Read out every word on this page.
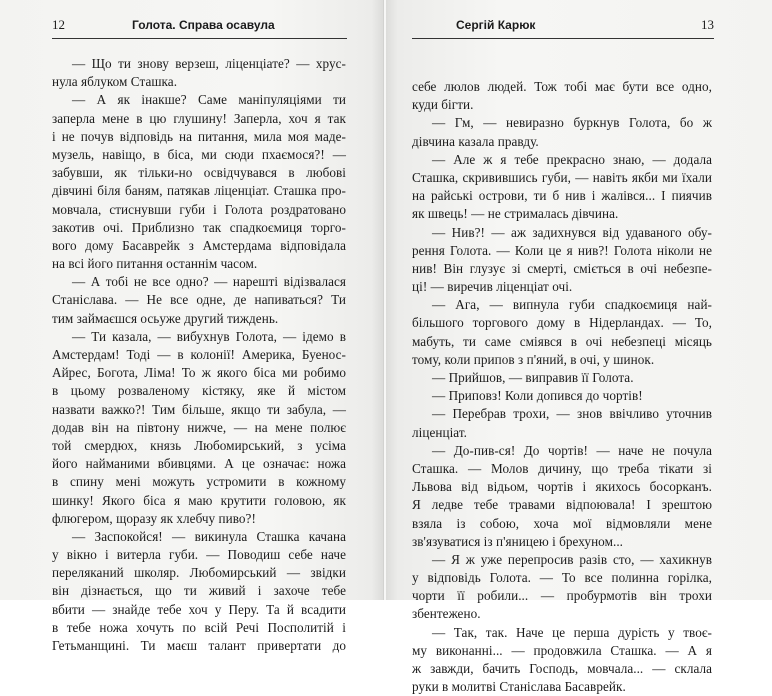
12	Голота. Справа осавула
— Що ти знову верзеш, ліценціате? — хрус-
нула яблуком Сташка.
— А як інакше? Саме маніпуляціями ти
заперла мене в цю глушину! Заперла, хоч я так
і не почув відповідь на питання, мила моя маде-
музель, навіщо, в біса, ми сюди пхаємося?! —
забувши, як тільки-но освідчувався в любові
дівчині біля баням, патякав ліценціат. Сташка про-
мовчала, стиснувши губи і Голота роздратовано
закотив очі. Приблизно так спадкоємиця торго-
вого дому Басаврейк з Амстердама відповідала
на всі його питання останнім часом.
— А тобі не все одно? — нарешті відізвалася
Станіслава. — Не все одне, де напиваться? Ти
тим займаєшся осьуже другий тиждень.
— Ти казала, — вибухнув Голота, — ідемо в
Амстердам! Тоді — в колонії! Америка, Буенос-
Айрес, Богота, Ліма! То ж якого біса ми робимо
в цьому розваленому кістяку, яке й містом
назвати важко?! Тим більше, якщо ти забула, —
додав він на півтону нижче, — на мене полює
той смердюх, князь Любомирський, з усіма
його найманими вбивцями. А це означає: ножа
в спину мені можуть устромити в кожному
шинку! Якого біса я маю крутити головою, як
флюгером, щоразу як хлебчу пиво?!
— Заспокойся! — викинула Сташка качана
у вікно і витерла губи. — Поводиш себе наче
переляканий школяр. Любомирський — звідки
він дізнається, що ти живий і захоче тебе
вбити — знайде тебе хоч у Перу. Та й всадити
в тебе ножа хочуть по всій Речі Посполитій і
Гетьманщині. Ти маєш талант привертати до
Сергій Карюк	13
себе люлов людей. Тож тобі має бути все одно,
куди бігти.
— Гм, — невиразно буркнув Голота, бо ж
дівчина казала правду.
— Але ж я тебе прекрасно знаю, — додала
Сташка, скривившись губи, — навіть якби ми їхали
на райські острови, ти б нив і жалівся... І пиячив
як швець! — не стрималась дівчина.
— Нив?! — аж задихнувся від удаваного обу-
рення Голота. — Коли це я нив?! Голота ніколи не
нив! Він глузує зі смерті, сміється в очі небезпе-
ці! — виречив ліценціат очі.
— Ага, — випнула губи спадкоємиця най-
більшого торгового дому в Нідерландах. — То,
мабуть, ти саме сміявся в очі небезпеці місяць
тому, коли припов з п'яний, в очі, у шинок.
— Прийшов, — виправив її Голота.
— Приповз! Коли допився до чортів!
— Перебрав трохи, — знов ввічливо уточнив
ліценціат.
— До-пив-ся! До чортів! — наче не почула
Сташка. — Молов дичину, що треба тікати зі
Львова від відьом, чортів і якихось босорканъ.
Я ледве тебе травами відпоювала! І зрештою
взяла із собою, хоча мої відмовляли мене
зв'язуватися із п'яницею і брехуном...
— Я ж уже перепросив разів сто, — хахикнув
у відповідь Голота. — То все полинна горілка,
чорти її робили... — пробурмотів він трохи
збентежено.
— Так, так. Наче це перша дурість у твоє-
му виконанні... — продовжила Сташка. — А я
ж завжди, бачить Господь, мовчала... — склала
руки в молитві Станіслава Басаврейк.
